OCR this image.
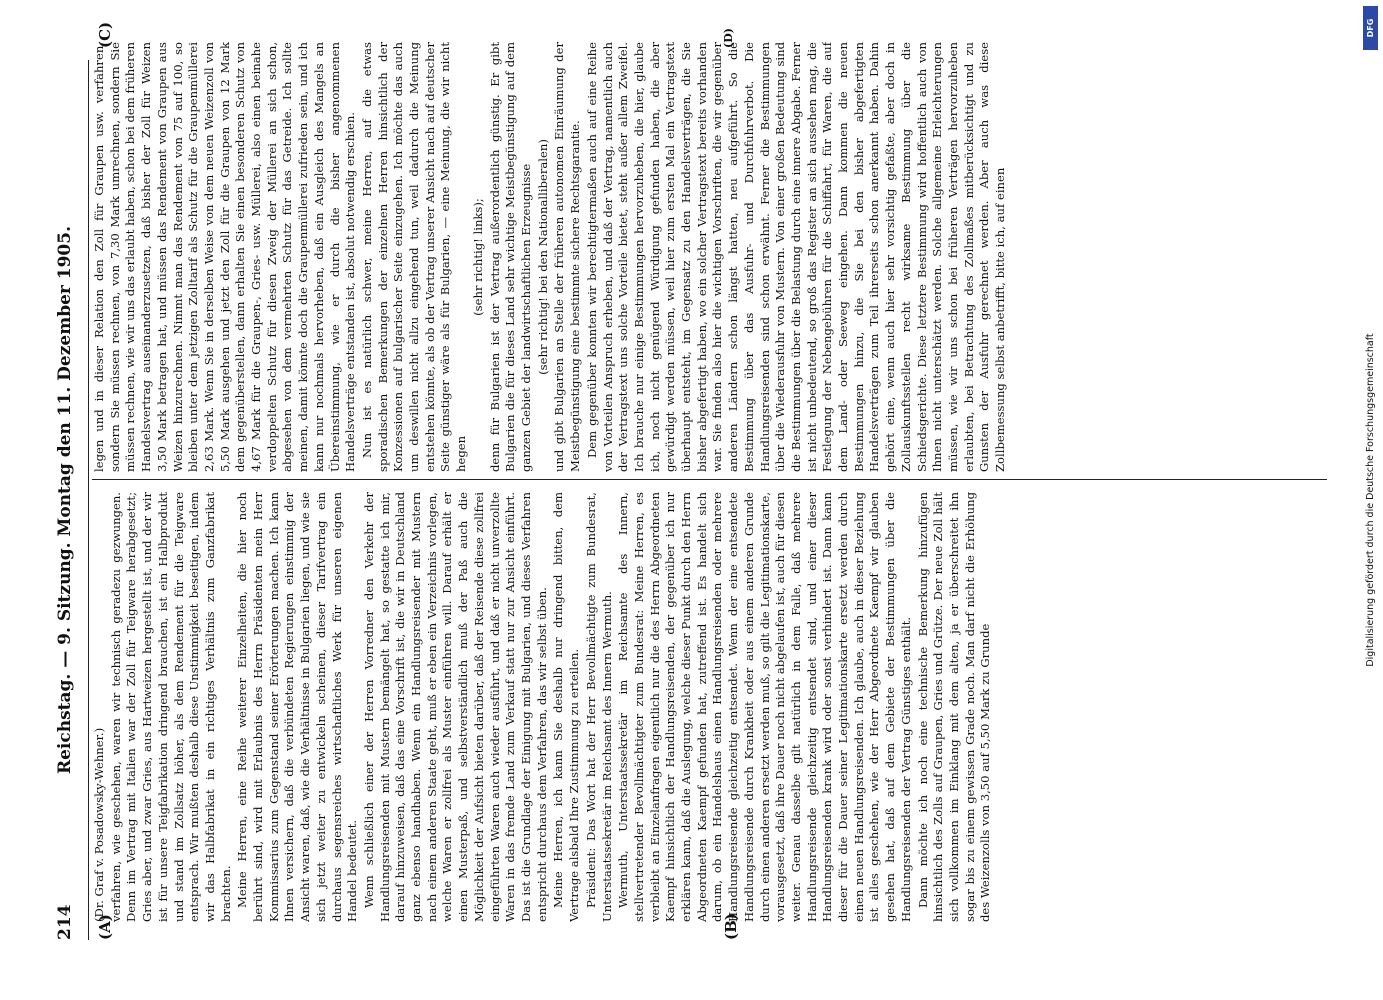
214
Reichstag. — 9. Sitzung. Montag den 11. Dezember 1905.
(A)	(B)
(C)	(D)

(Dr. Graf v. Posadowsky-Wehner.) verfahren, wie geschehen, waren wir technisch geradezu gezwungen. Denn im Vertrag mit Italien war der Zoll für Teigware herabgesetzt; Gries aber, und zwar Gries, aus Hartweizen hergestellt ist, und der wir ist für unsere Teigfabrikation dringend brauchen, ist ein Halbprodukt und stand im Zollsatz höher, als dem Rendement für die Teigware entsprach. Wir mußten deshalb diese Unstimmigkeit beseitigen, indem wir das Halbfabrikat in ein richtiges Verhältnis zum Ganzfabrikat brachten. Meine Herren, eine Reihe weiterer Einzelheiten, die hier noch berührt sind, wird mit Erlaubnis des Herrn Präsidenten mein Herr Kommissarius zum Gegenstand seiner Erörterungen machen. Ich kann Ihnen versichern, daß die verbündeten Regierungen einstimmig der Ansicht waren, daß, wie die Verhältnisse in Bulgarien liegen, und wie sie sich jetzt weiter zu entwickeln scheinen, dieser Tarifvertrag ein durchaus segensreiches wirtschaftliches Werk für unseren eigenen Handel bedeutet. Wenn schließlich einer der Herren Vorredner den Verkehr der Handlungsreisenden mit Mustern bemängelt hat, so gestatte ich mir, darauf hinzuweisen, daß das eine Vorschrift ist, die wir in Deutschland ganz ebenso handhaben. Wenn ein Handlungsreisender mit Mustern nach einem anderen Staate geht, muß er eben ein Verzeichnis vorlegen, welche Waren er zollfrei als Muster einführen will. Darauf erhält er einen Musterpaß, und selbstverständlich muß der Paß auch die Möglichkeit der Aufsicht bieten darüber, daß der Reisende diese zollfrei eingeführten Waren auch wieder ausführt, und daß er nicht unverzollte Waren in das fremde Land zum Verkauf statt nur zur Ansicht einführt. Das ist die Grundlage der Einigung mit Bulgarien, und dieses Verfahren entspricht durchaus dem Verfahren, das wir selbst üben. Meine Herren, ich kann Sie deshalb nur dringend bitten, dem Vertrage alsbald Ihre Zustimmung zu erteilen. Präsident: Das Wort hat der Herr Bevollmächtigte zum Bundesrat, Unterstaatssekretär im Reichsamt des Innern Wermuth. Wermuth, Unterstaatssekretär im Reichsamte des Innern, stellvertretender Bevollmächtigter zum Bundesrat: Meine Herren, es verbleibt an Einzelanfragen eigentlich nur die des Herrn Abgeordneten Kaempf hinsichtlich der Handlungsreisenden, der gegenüber ich nur erklären kann, daß die Auslegung, welche dieser Punkt durch den Herrn Abgeordneten Kaempf gefunden hat, zutreffend ist. Es handelt sich darum, ob ein Handelshaus einen Handlungsreisenden oder mehrere Handlungsreisende gleichzeitig entsendet. Wenn der eine entsendete Handlungsreisende durch Krankheit oder aus einem anderen Grunde durch einen anderen ersetzt werden muß, so gilt die Legitimationskarte, vorausgesetzt, daß ihre Dauer noch nicht abgelaufen ist, auch für diesen weiter. Genau dasselbe gilt natürlich in dem Falle, daß mehrere Handlungsreisende gleichzeitig entsendet sind, und einer dieser Handlungsreisenden krank wird oder sonst verhindert ist. Dann kann dieser für die Dauer seiner Legitimationskarte ersetzt werden durch einen neuen Handlungsreisenden. Ich glaube, auch in dieser Beziehung ist alles geschehen, wie der Herr Abgeordnete Kaempf wir glauben gesehen hat, daß auf dem Gebiete der Bestimmungen über die Handlungsreisenden der Vertrag Günstiges enthält. Dann möchte ich noch eine technische Bemerkung hinzufügen hinsichtlich des Zolls auf Graupen, Gries und Grütze. Der neue Zoll hält sich vollkommen im Einklang mit dem alten, ja er überschreitet ihn sogar bis zu einem gewissen Grade noch. Man darf nicht die Erhöhung des Weizenzolls von 3,50 auf 5,50 Mark zu Grunde

legen und in dieser Relation den Zoll für Graupen usw. verfahren, sondern Sie müssen rechnen, von 7,30 Mark umrechnen, sondern Sie müssen rechnen, wie wir uns das erlaubt haben, schon bei dem früheren Handelsvertrag auseinanderzusetzen, daß bisher der Zoll für Weizen 3,50 Mark betragen hat, und müssen das Rendement von Graupen aus Weizen hinzurechnen. Nimmt man das Rendement von 75 auf 100, so bleiben unter dem jetzigen Zolltarif als Schutz für die Graupenmüllerei 2,63 Mark. Wenn Sie in derselben Weise von dem neuen Weizenzoll von 5,50 Mark ausgehen und jetzt den Zoll für die Graupen von 12 Mark dem gegenüberstellen, dann erhalten Sie einen besonderen Schutz von 4,67 Mark für die Graupen-, Gries- usw. Müllerei, also einen beinahe verdoppelten Schutz für diesen Zweig der Müllerei an sich schon, abgesehen von dem vermehrten Schutz für das Getreide. Ich sollte meinen, damit könnte doch die Graupenmüllerei zufrieden sein, und ich kann nur nochmals hervorheben, daß ein Ausgleich des Mangels an Übereinstimmung, wie er durch die bisher angenommenen Handelsverträge entstanden ist, absolut notwendig erschien. Nun ist es natürlich schwer, meine Herren, auf die etwas sporadischen Bemerkungen der einzelnen Herren hinsichtlich der Konzessionen auf bulgarischer Seite einzugehen. Ich möchte das auch um deswillen nicht allzu eingehend tun, weil dadurch die Meinung entstehen könnte, als ob der Vertrag unserer Ansicht nach auf deutscher Seite günstiger wäre als für Bulgarien, — eine Meinung, die wir nicht hegen

(sehr richtig! links); denn für Bulgarien ist der Vertrag außerordentlich günstig. Er gibt Bulgarien die für dieses Land sehr wichtige Meistbegünstigung auf dem ganzen Gebiet der landwirtschaftlichen Erzeugnisse (sehr richtig! bei den Nationalliberalen) und gibt Bulgarien an Stelle der früheren autonomen Einräumung der Meistbegünstigung eine bestimmte sichere Rechtsgarantie. Dem gegenüber konnten wir berechtigtermaßen auch auf eine Reihe von Vorteilen Anspruch erheben, und daß der Vertrag, namentlich auch der Vertragstext uns solche Vorteile bietet, steht außer allem Zweifel. Ich brauche nur einige Bestimmungen hervorzuheben, die hier, glaube ich, noch nicht genügend Würdigung gefunden haben, die aber gewürdigt werden müssen, weil hier zum ersten Mal ein Vertragstext überhaupt entsteht, im Gegensatz zu den Handelsverträgen, die Sie bisher abgefertigt haben, wo ein solcher Vertragstext bereits vorhanden war. Sie finden also hier die wichtigen Vorschriften, die wir gegenüber anderen Ländern schon längst hatten, neu aufgeführt. So die Bestimmung über das Ausfuhr- und Durchfuhrverbot. Die Handlungsreisenden sind schon erwähnt. Ferner die Bestimmungen über die Wiederausfuhr von Mustern. Von einer großen Bedeutung sind die Bestimmungen über die Belastung durch eine innere Abgabe. Ferner ist nicht unbedeutend, so groß das Register an sich aussehen mag, die Festlegung der Nebengebühren für die Schiffahrt, für Waren, die auf dem Land- oder Seeweg eingehen. Dann kommen die neuen Bestimmungen hinzu, die Sie bei den bisher abgefertigten Handelsverträgen zum Teil ihrerseits schon anerkannt haben. Dahin gehört eine, wenn auch hier sehr vorsichtig gefaßte, aber doch in Zollauskunftsstellen recht wirksame Bestimmung über die Schiedsgerichte. Diese letztere Bestimmung wird hoffentlich auch von Ihnen nicht unterschätzt werden. Solche allgemeine Erleichterungen müssen, wie wir uns schon bei früheren Verträgen hervorzuheben erlaubten, bei Betrachtung des Zollmaßes mitberücksichtigt und zu Gunsten der Ausfuhr gerechnet werden. Aber auch was diese Zollbemessung selbst anbetrifft, bitte ich, auf einen

Digitalisierung gefördert durch die Deutsche Forschungsgemeinschaft
DFG
